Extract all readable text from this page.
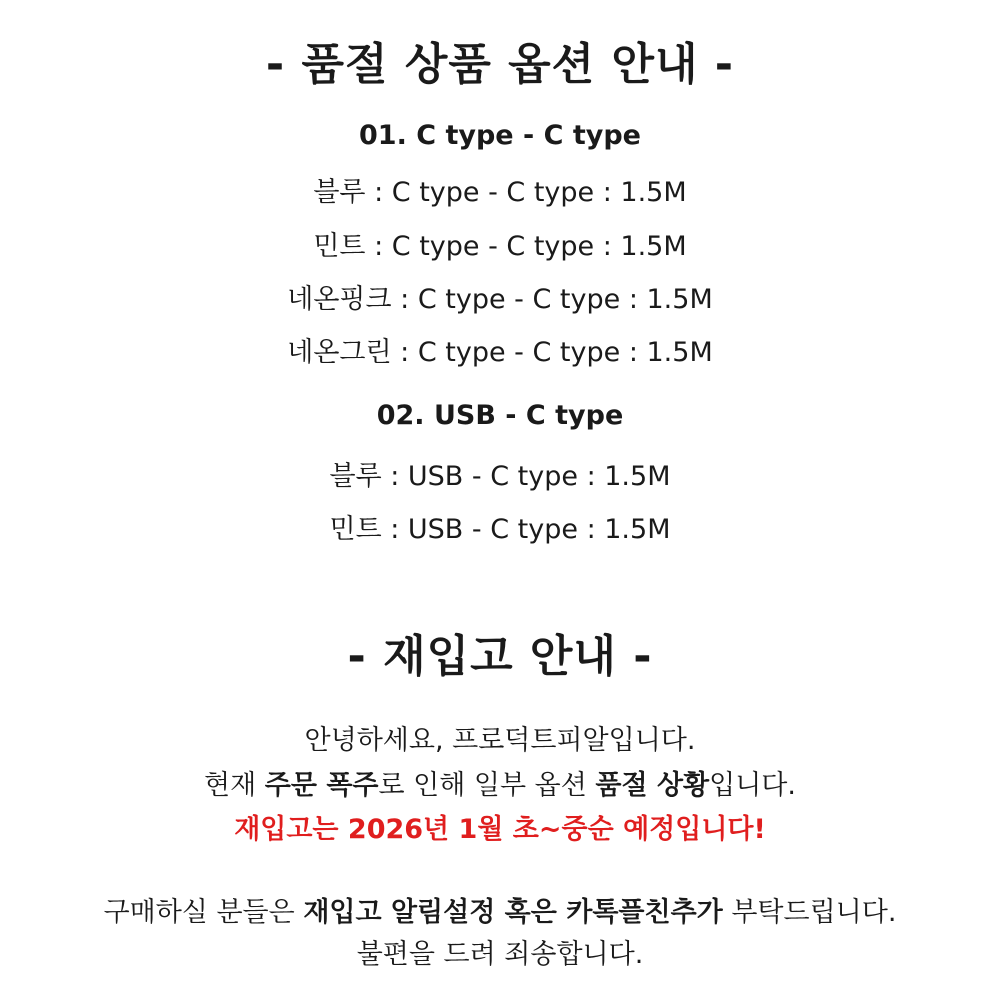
- 품절 상품 옵션 안내 -
01. C type - C type
블루 : C type - C type : 1.5M
민트 : C type - C type : 1.5M
네온핑크 : C type - C type : 1.5M
네온그린 : C type - C type : 1.5M
02. USB - C type
블루 : USB - C type : 1.5M
민트 : USB - C type : 1.5M
- 재입고 안내 -
안녕하세요, 프로덕트피알입니다.
현재 주문 폭주로 인해 일부 옵션 품절 상황입니다.
재입고는 2026년 1월 초~중순 예정입니다!
구매하실 분들은 재입고 알림설정 혹은 카톡플친추가 부탁드립니다.
불편을 드려 죄송합니다.
